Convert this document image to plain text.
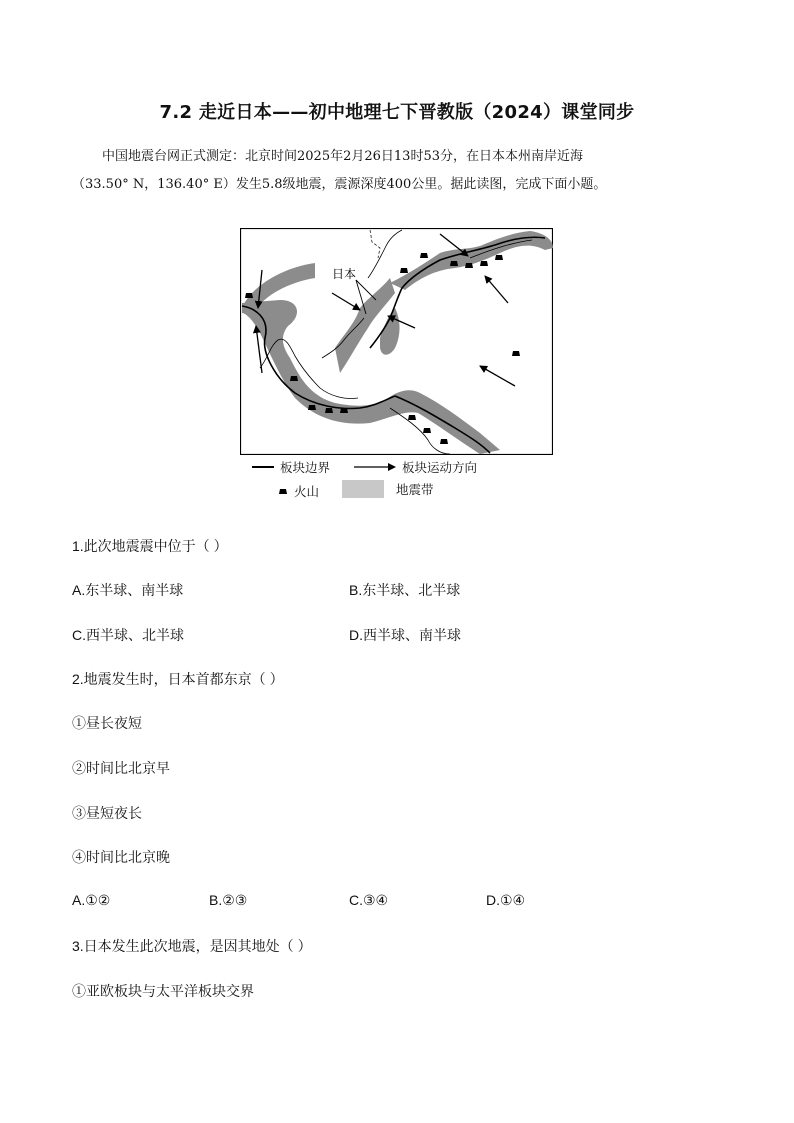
7.2 走近日本——初中地理七下晋教版（2024）课堂同步

中国地震台网正式测定：北京时间2025年2月26日13时53分，在日本本州南岸近海

（33.50° N，136.40° E）发生5.8级地震，震源深度400公里。据此读图，完成下面小题。

日本
板块边界	板块运动方向
火山	地震带
1.此次地震震中位于（ ）
A.东半球、南半球	B.东半球、北半球
C.西半球、北半球	D.西半球、南半球
2.地震发生时，日本首都东京（ ）
①昼长夜短
②时间比北京早
③昼短夜长
④时间比北京晚
A.①②	B.②③	C.③④	D.①④
3.日本发生此次地震，是因其地处（ ）
①亚欧板块与太平洋板块交界
